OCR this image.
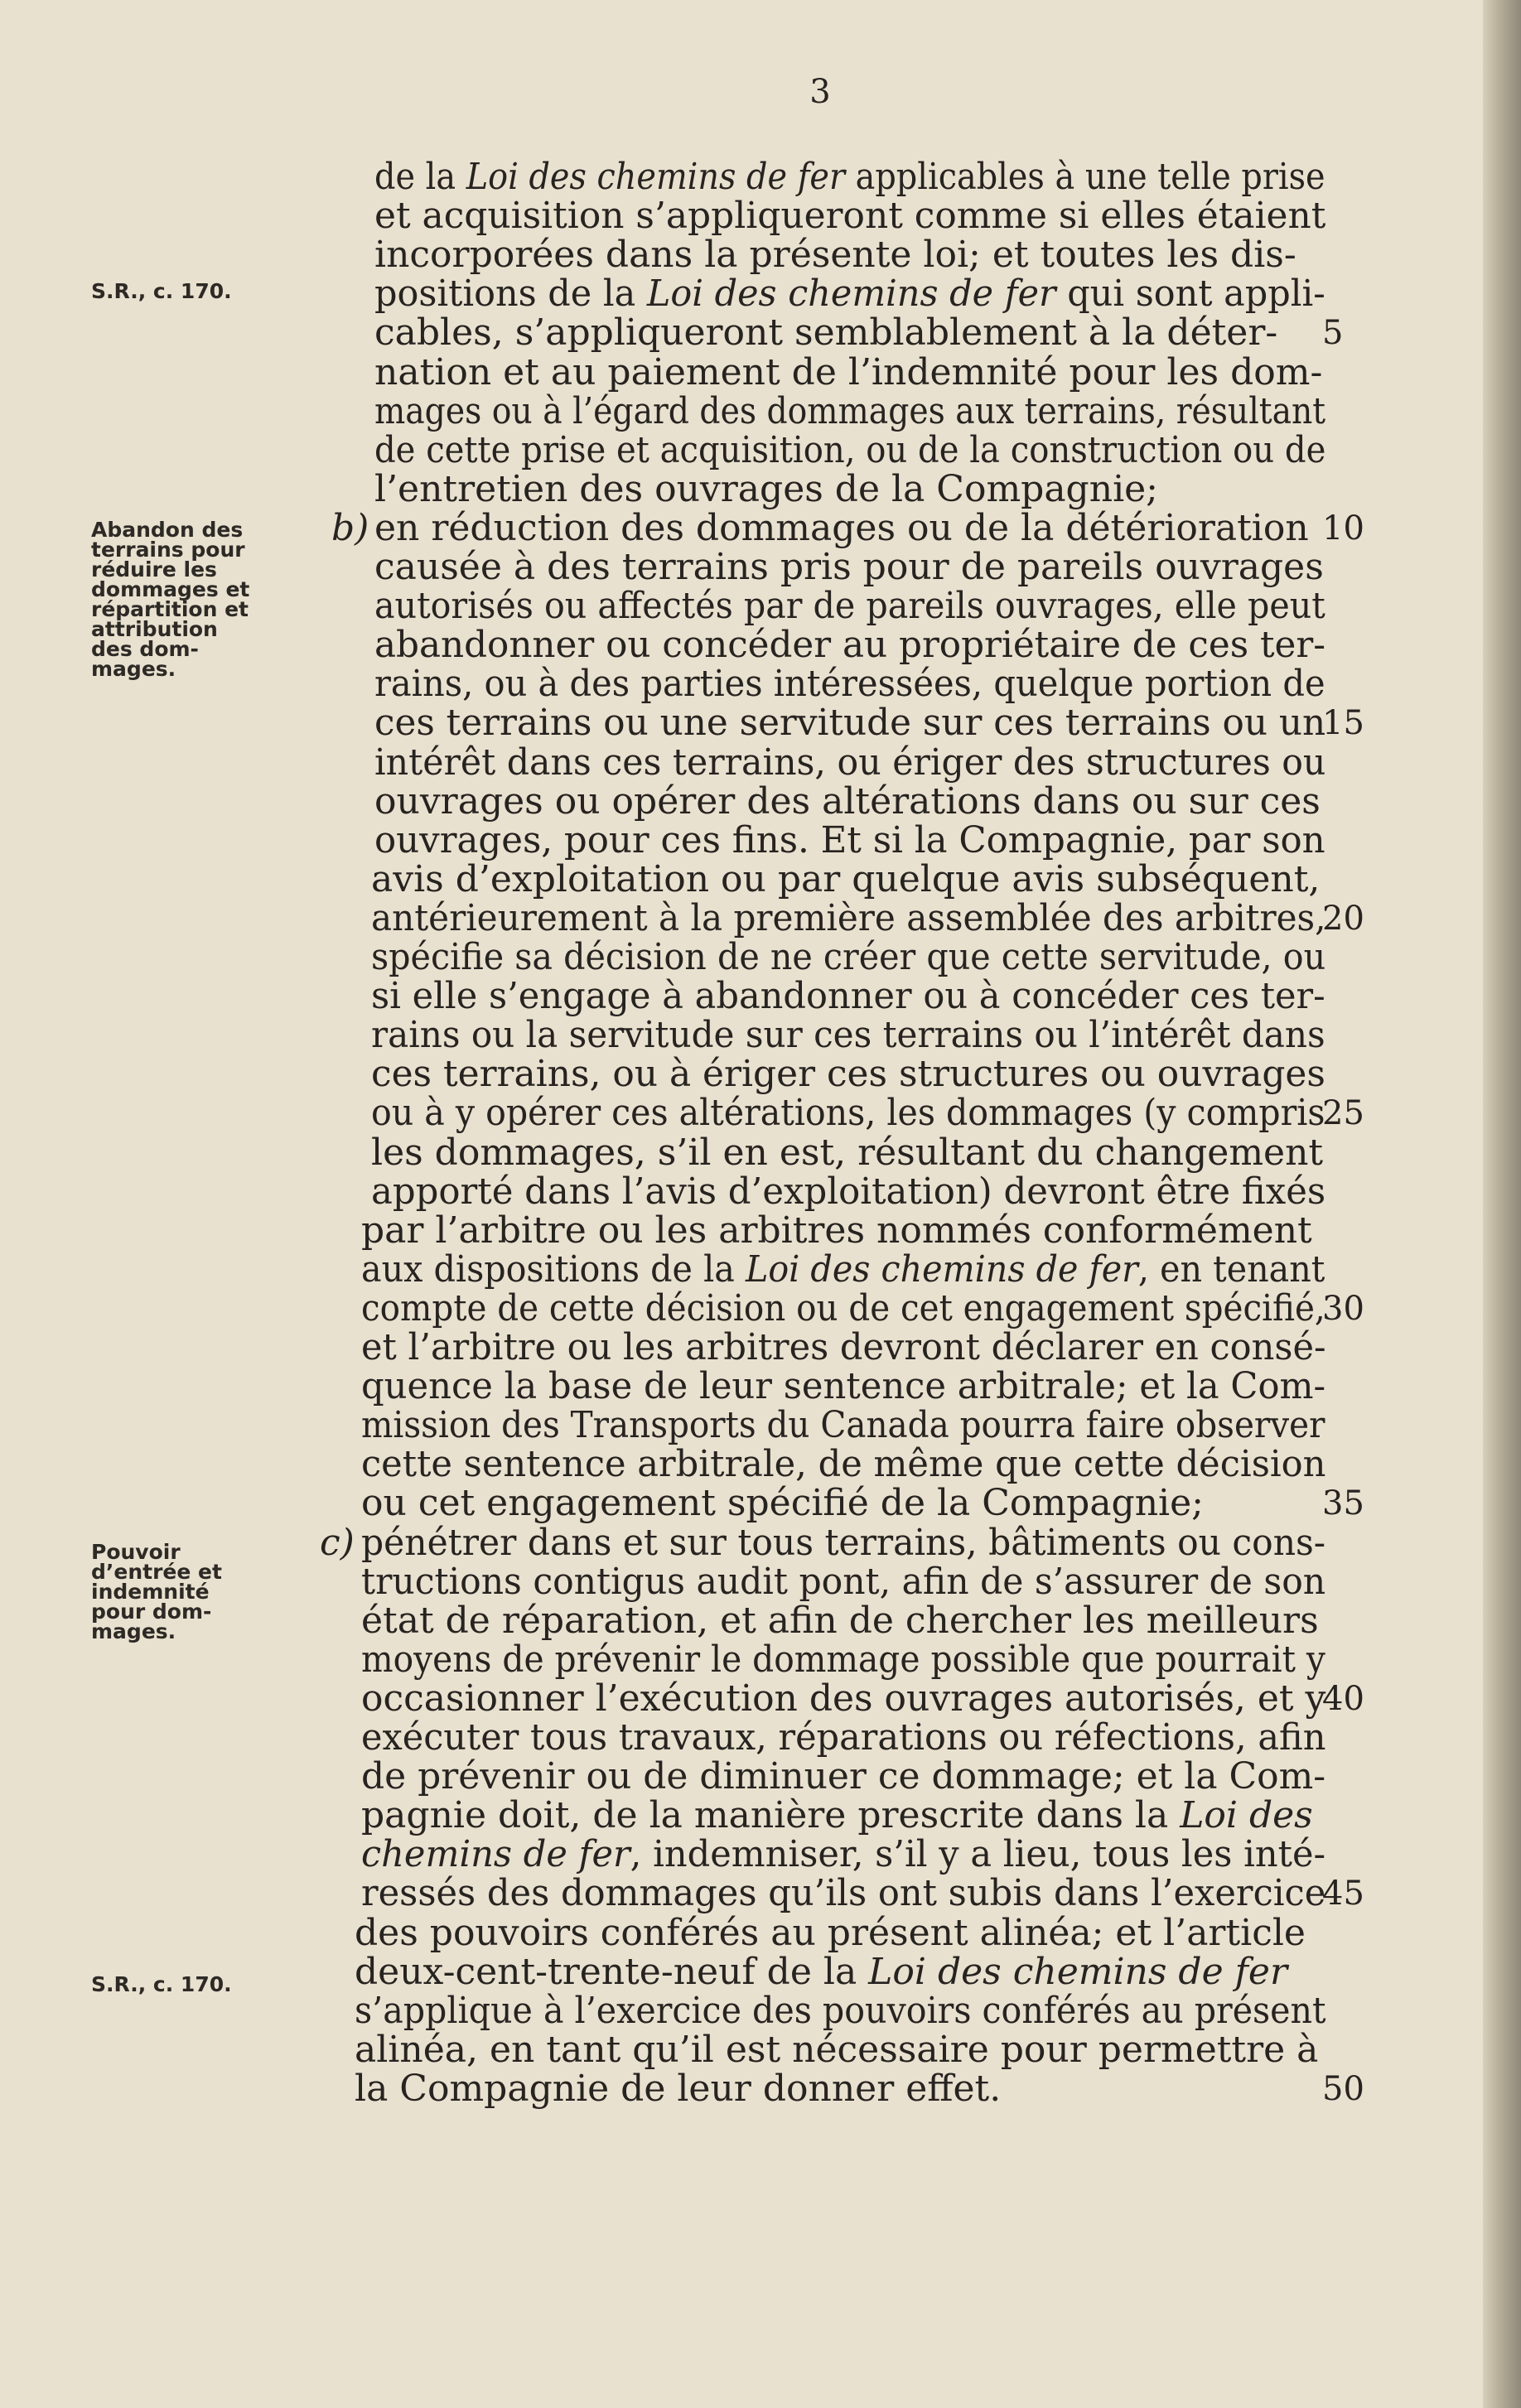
3
S.R., c. 170.
Abandon des
terrains pour
réduire les
dommages et
répartition et
attribution
des dom-
mages.
Pouvoir
d’entrée et
indemnité
pour dom-
mages.
S.R., c. 170.
de la Loi des chemins de fer applicables à une telle prise
et acquisition s’appliqueront comme si elles étaient
incorporées dans la présente loi; et toutes les dis-
positions de la Loi des chemins de fer qui sont appli-
cables, s’appliqueront semblablement à la déter- 5
nation et au paiement de l’indemnité pour les dom-
mages ou à l’égard des dommages aux terrains, résultant
de cette prise et acquisition, ou de la construction ou de
l’entretien des ouvrages de la Compagnie;
b) en réduction des dommages ou de la détérioration 10
causée à des terrains pris pour de pareils ouvrages
autorisés ou affectés par de pareils ouvrages, elle peut
abandonner ou concéder au propriétaire de ces ter-
rains, ou à des parties intéressées, quelque portion de
ces terrains ou une servitude sur ces terrains ou un
15
intérêt dans ces terrains, ou ériger des structures ou
ouvrages ou opérer des altérations dans ou sur ces
ouvrages, pour ces fins. Et si la Compagnie, par son
avis d’exploitation ou par quelque avis subséquent,
antérieurement à la première assemblée des arbitres,
20
spécifie sa décision de ne créer que cette servitude, ou
si elle s’engage à abandonner ou à concéder ces ter-
rains ou la servitude sur ces terrains ou l’intérêt dans
ces terrains, ou à ériger ces structures ou ouvrages
ou à y opérer ces altérations, les dommages (y compris
25
les dommages, s’il en est, résultant du changement
apporté dans l’avis d’exploitation) devront être fixés
par l’arbitre ou les arbitres nommés conformément
aux dispositions de la Loi des chemins de fer, en tenant
compte de cette décision ou de cet engagement spécifié,
30
et l’arbitre ou les arbitres devront déclarer en consé-
quence la base de leur sentence arbitrale; et la Com-
mission des Transports du Canada pourra faire observer
cette sentence arbitrale, de même que cette décision
ou cet engagement spécifié de la Compagnie;	35
c) pénétrer dans et sur tous terrains, bâtiments ou cons-
tructions contigus audit pont, afin de s’assurer de son
état de réparation, et afin de chercher les meilleurs
moyens de prévenir le dommage possible que pourrait y
occasionner l’exécution des ouvrages autorisés, et y
40
exécuter tous travaux, réparations ou réfections, afin
de prévenir ou de diminuer ce dommage; et la Com-
pagnie doit, de la manière prescrite dans la Loi des
chemins de fer, indemniser, s’il y a lieu, tous les inté-
ressés des dommages qu’ils ont subis dans l’exercice
45
des pouvoirs conférés au présent alinéa; et l’article
deux-cent-trente-neuf de la Loi des chemins de fer
s’applique à l’exercice des pouvoirs conférés au présent
alinéa, en tant qu’il est nécessaire pour permettre à
la Compagnie de leur donner effet.	50
